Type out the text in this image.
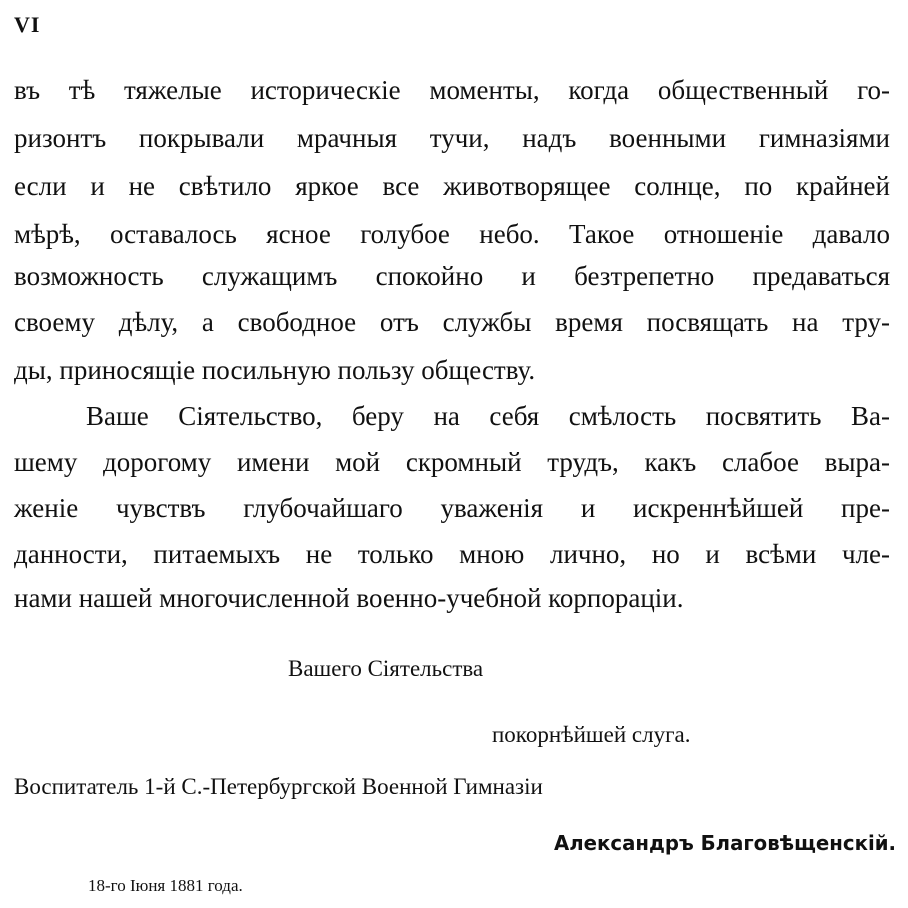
VI
въ тѣ тяжелые историческіе моменты, когда общественный го-
ризонтъ покрывали мрачныя тучи, надъ военными гимназіями
если и не свѣтило яркое все животворящее солнце, по крайней
мѣрѣ, оставалось ясное голубое небо. Такое отношеніе давало
возможность служащимъ спокойно и безтрепетно предаваться
своему дѣлу, а свободное отъ службы время посвящать на тру-
ды, приносящіе посильную пользу обществу.
Ваше Сіятельство, беру на себя смѣлость посвятить Ва-
шему дорогому имени мой скромный трудъ, какъ слабое выра-
женіе чувствъ глубочайшаго уваженія и искреннѣйшей пре-
данности, питаемыхъ не только мною лично, но и всѣми чле-
нами нашей многочисленной военно-учебной корпораціи.
Вашего Сіятельства
покорнѣйшей слуга.
Воспитатель 1-й С.-Петербургской Военной Гимназіи
Александръ Благовѣщенскій.
18-го Іюня 1881 года.
